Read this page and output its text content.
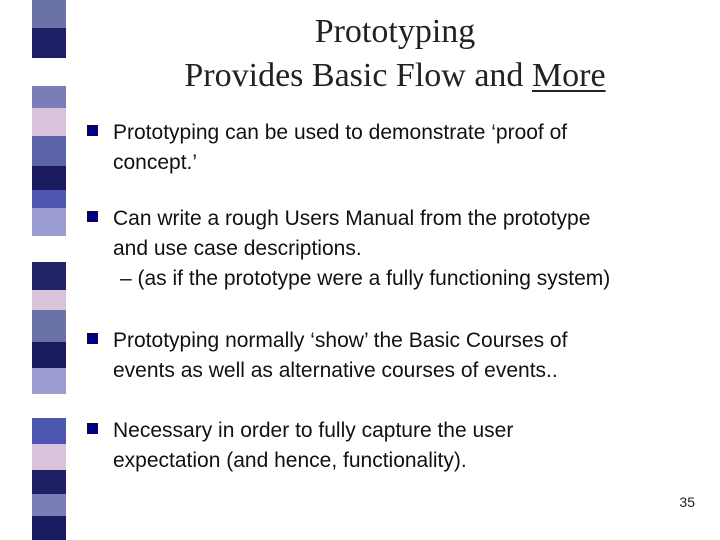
Prototyping
Provides Basic Flow and More
Prototyping can be used to demonstrate ‘proof of
concept.’
Can write a rough Users Manual from the prototype
and use case descriptions.
– (as if the prototype were a fully functioning system)
Prototyping normally ‘show’ the Basic Courses of
events as well as alternative courses of events..
Necessary in order to fully capture the user
expectation (and hence, functionality).
35
